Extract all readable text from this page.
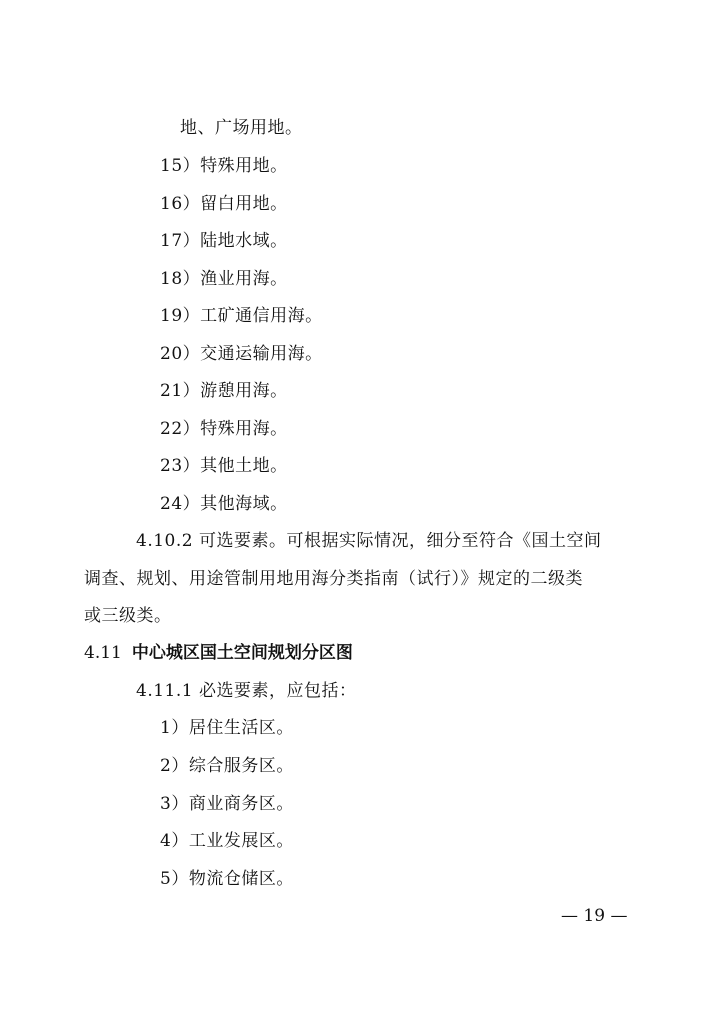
地、广场用地。
15）特殊用地。
16）留白用地。
17）陆地水域。
18）渔业用海。
19）工矿通信用海。
20）交通运输用海。
21）游憩用海。
22）特殊用海。
23）其他土地。
24）其他海域。
4.10.2 可选要素。可根据实际情况，细分至符合《国土空间
调查、规划、用途管制用地用海分类指南（试行）》规定的二级类
或三级类。
4.11 中心城区国土空间规划分区图
4.11.1 必选要素，应包括：
1）居住生活区。
2）综合服务区。
3）商业商务区。
4）工业发展区。
5）物流仓储区。
— 19 —
